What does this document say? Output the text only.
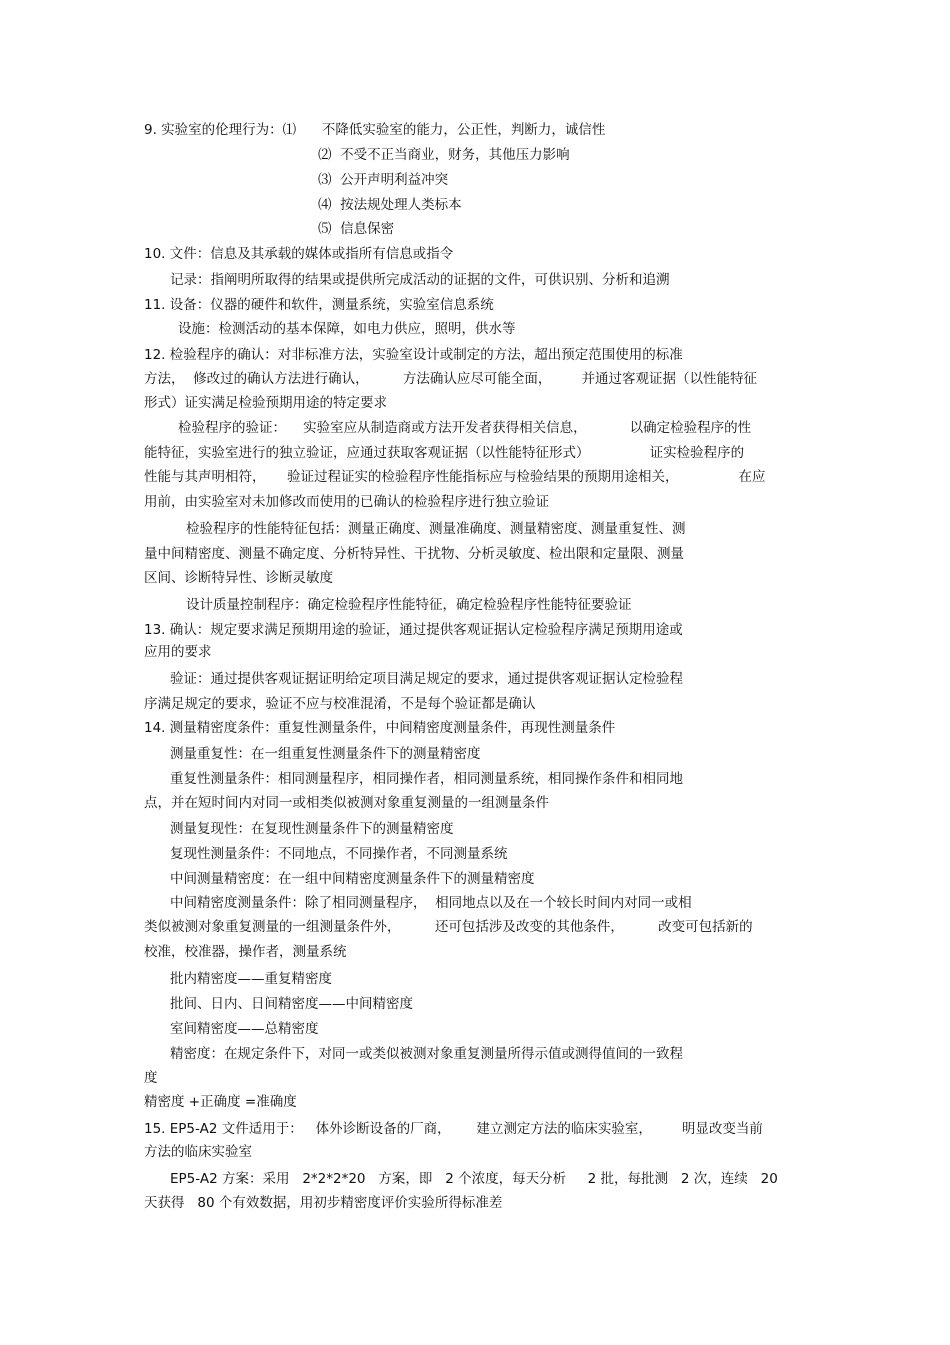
9. 实验室的伦理行为：⑴      不降低实验室的能力，公正性，判断力，诚信性
⑵  不受不正当商业，财务，其他压力影响
⑶  公开声明利益冲突
⑷  按法规处理人类标本
⑸  信息保密
10. 文件：信息及其承载的媒体或指所有信息或指令
记录：指阐明所取得的结果或提供所完成活动的证据的文件，可供识别、分析和追溯
11. 设备：仪器的硬件和软件，测量系统，实验室信息系统
设施：检测活动的基本保障，如电力供应，照明，供水等
12. 检验程序的确认：对非标准方法，实验室设计或制定的方法，超出预定范围使用的标准
方法，  修改过的确认方法进行确认，        方法确认应尽可能全面，       并通过客观证据（以性能特征
形式）证实满足检验预期用途的特定要求
检验程序的验证：    实验室应从制造商或方法开发者获得相关信息，          以确定检验程序的性
能特征，实验室进行的独立验证，应通过获取客观证据（以性能特征形式）              证实检验程序的
性能与其声明相符，     验证过程证实的检验程序性能指标应与检验结果的预期用途相关，              在应
用前，由实验室对未加修改而使用的已确认的检验程序进行独立验证
检验程序的性能特征包括：测量正确度、测量准确度、测量精密度、测量重复性、测
量中间精密度、测量不确定度、分析特异性、干扰物、分析灵敏度、检出限和定量限、测量
区间、诊断特异性、诊断灵敏度
设计质量控制程序：确定检验程序性能特征，确定检验程序性能特征要验证
13. 确认：规定要求满足预期用途的验证，通过提供客观证据认定检验程序满足预期用途或
应用的要求
验证：通过提供客观证据证明给定项目满足规定的要求，通过提供客观证据认定检验程
序满足规定的要求，验证不应与校准混淆，不是每个验证都是确认
14. 测量精密度条件：重复性测量条件，中间精密度测量条件，再现性测量条件
测量重复性：在一组重复性测量条件下的测量精密度
重复性测量条件：相同测量程序，相同操作者，相同测量系统，相同操作条件和相同地
点，并在短时间内对同一或相类似被测对象重复测量的一组测量条件
测量复现性：在复现性测量条件下的测量精密度
复现性测量条件：不同地点，不同操作者，不同测量系统
中间测量精密度：在一组中间精密度测量条件下的测量精密度
中间精密度测量条件：除了相同测量程序，  相同地点以及在一个较长时间内对同一或相
类似被测对象重复测量的一组测量条件外，        还可包括涉及改变的其他条件，        改变可包括新的
校准，校准器，操作者，测量系统
批内精密度——重复精密度
批间、日内、日间精密度——中间精密度
室间精密度——总精密度
精密度：在规定条件下，对同一或类似被测对象重复测量所得示值或测得值间的一致程
度
精密度 +正确度 =准确度
15. EP5-A2 文件适用于：   体外诊断设备的厂商，      建立测定方法的临床实验室，       明显改变当前
方法的临床实验室
EP5-A2 方案：采用   2*2*2*20   方案，即   2 个浓度，每天分析     2 批，每批测   2 次，连续   20
天获得   80 个有效数据，用初步精密度评价实验所得标准差
